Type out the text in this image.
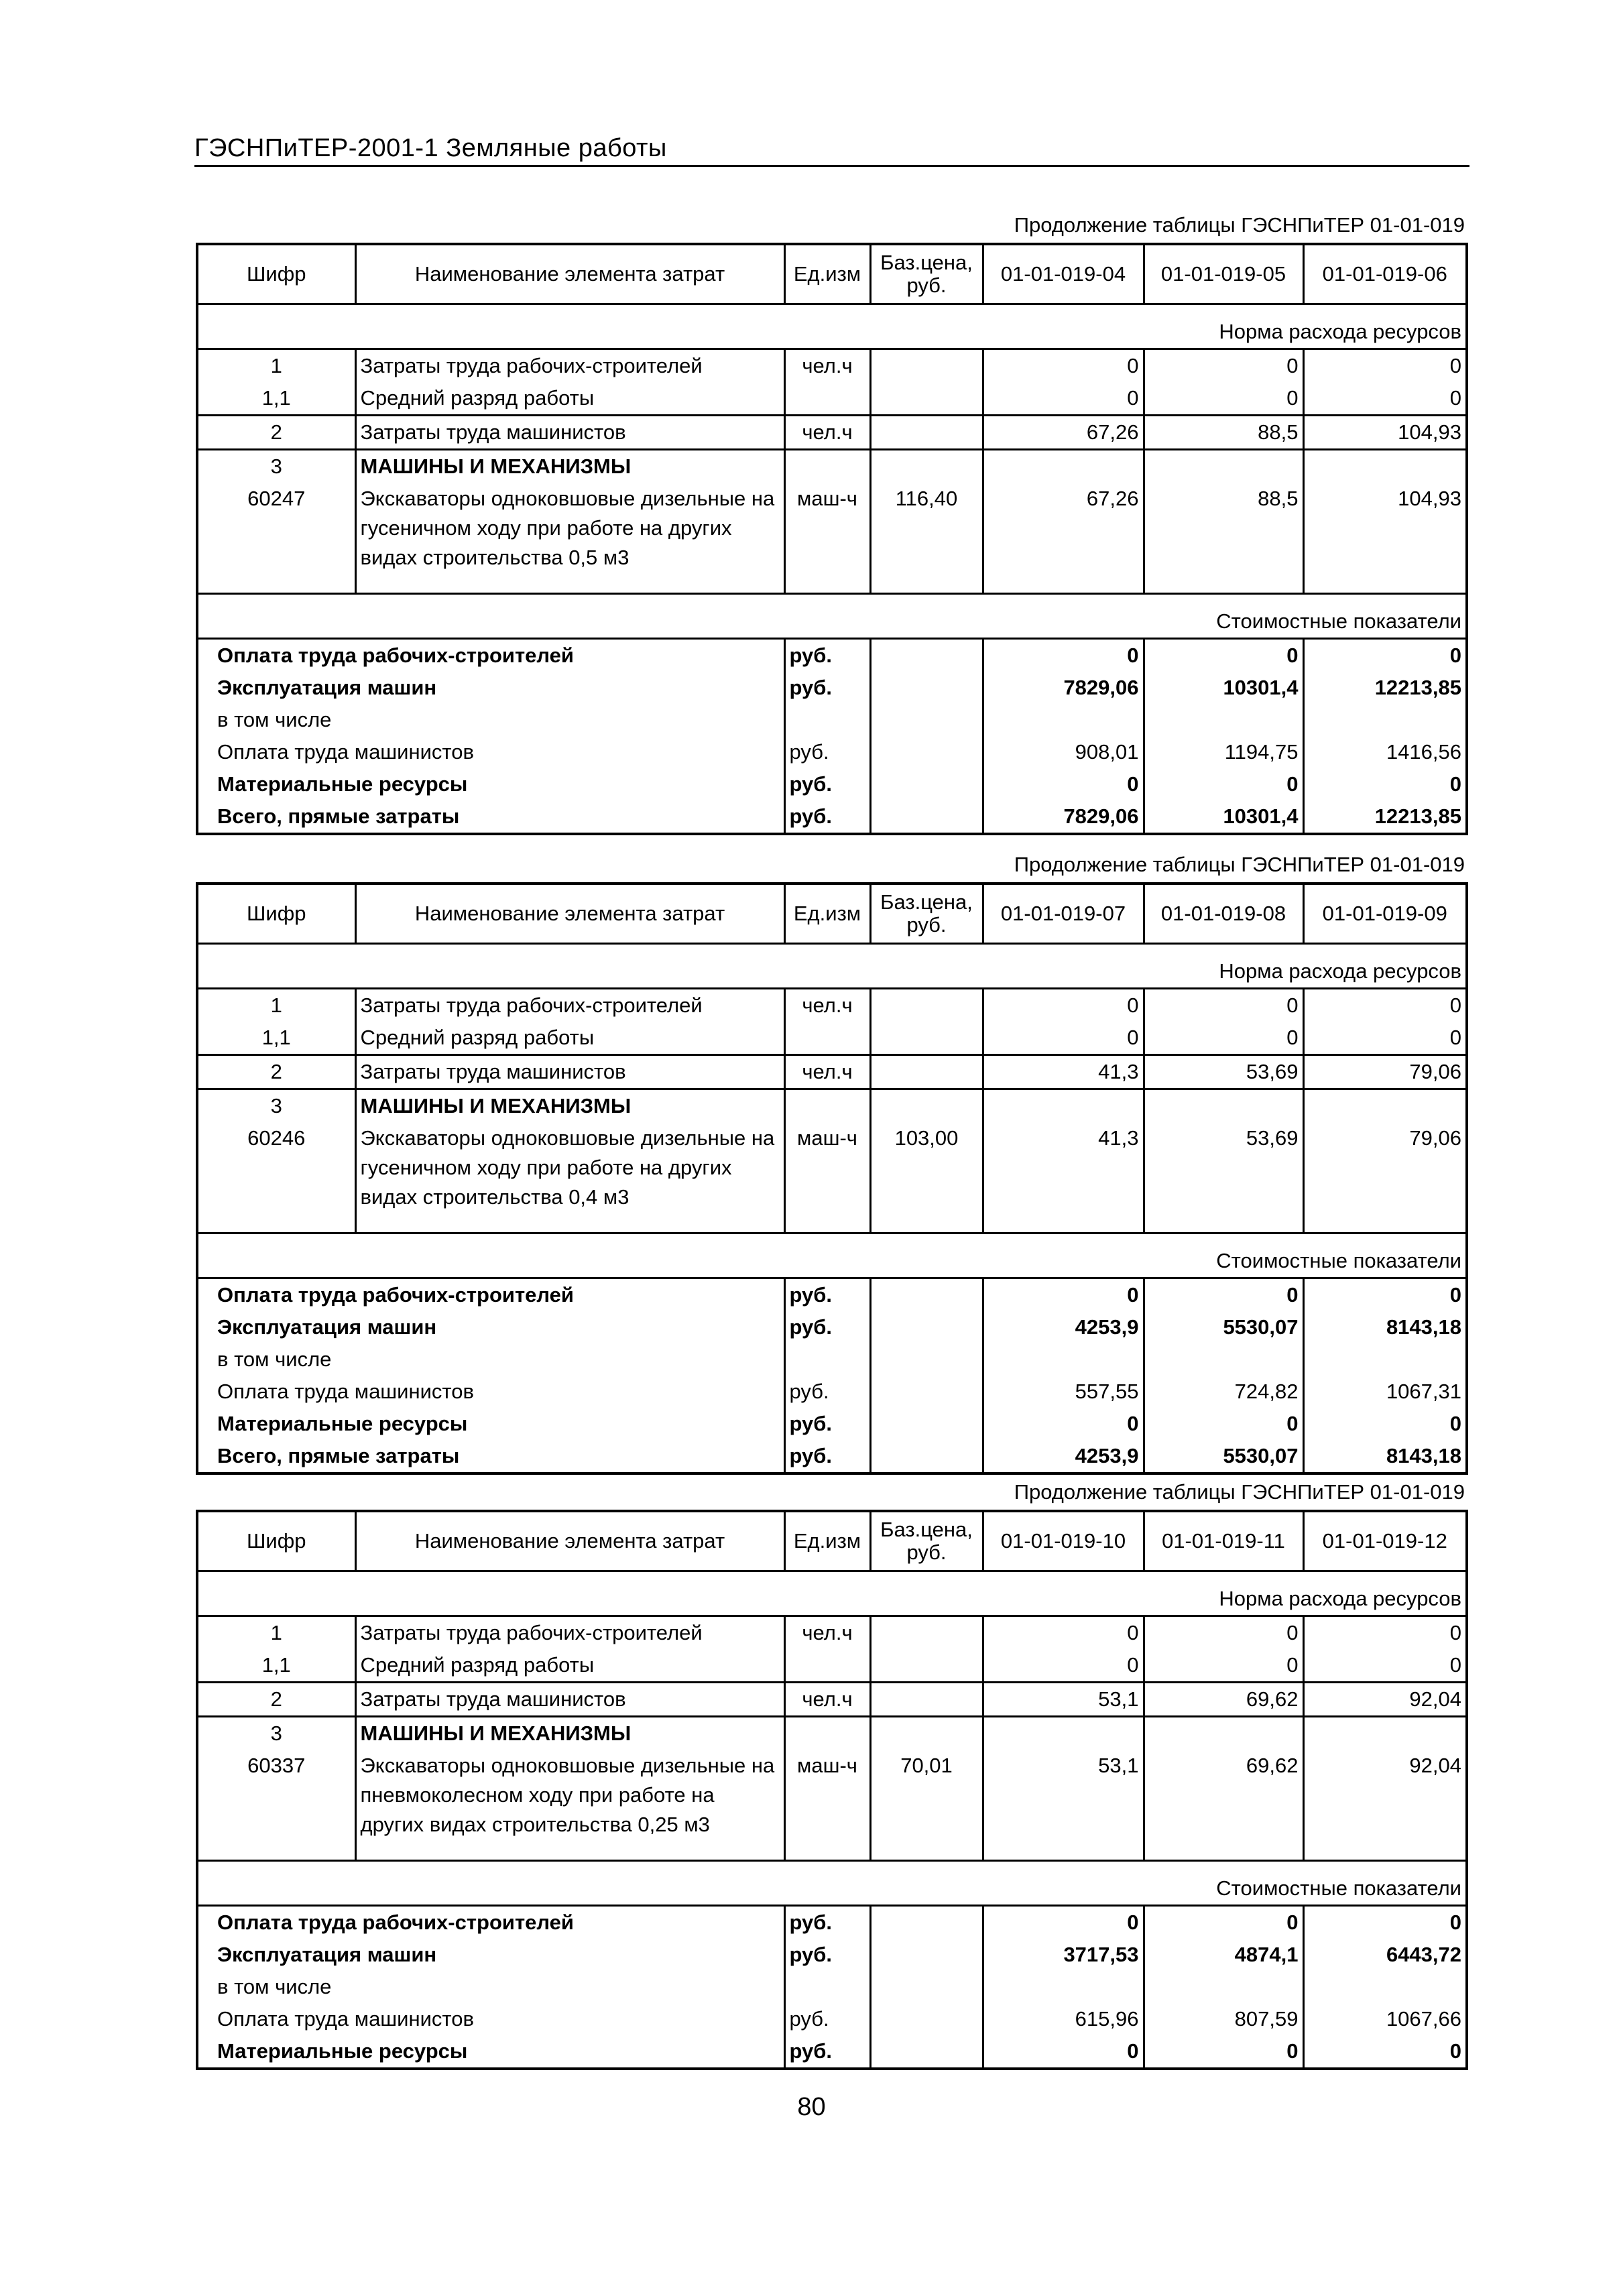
ГЭСНПиТЕР-2001-1 Земляные работы
Продолжение таблицы ГЭСНПиТЕР 01-01-019
Шифр	Наименование элемента затрат	Ед.изм	Баз.цена, руб.	01-01-019-04	01-01-019-05	01-01-019-06
Норма расхода ресурсов						
1	Затраты труда рабочих-строителей	чел.ч		0	0	0
1,1	Средний разряд работы			0	0	0
2	Затраты труда машинистов	чел.ч		67,26	88,5	104,93
3	МАШИНЫ И МЕХАНИЗМЫ					
60247	Экскаваторы одноковшовые дизельные на гусеничном ходу при работе на других видах строительства 0,5 м3	маш-ч	116,40	67,26	88,5	104,93
Стоимостные показатели						
Оплата труда рабочих-строителей		руб.		0	0	0
Эксплуатация машин		руб.		7829,06	10301,4	12213,85
в том числе						
Оплата труда машинистов		руб.		908,01	1194,75	1416,56
Материальные ресурсы		руб.		0	0	0
Всего, прямые затраты		руб.		7829,06	10301,4	12213,85
Продолжение таблицы ГЭСНПиТЕР 01-01-019
Шифр	Наименование элемента затрат	Ед.изм	Баз.цена, руб.	01-01-019-07	01-01-019-08	01-01-019-09
Норма расхода ресурсов						
1	Затраты труда рабочих-строителей	чел.ч		0	0	0
1,1	Средний разряд работы			0	0	0
2	Затраты труда машинистов	чел.ч		41,3	53,69	79,06
3	МАШИНЫ И МЕХАНИЗМЫ					
60246	Экскаваторы одноковшовые дизельные на гусеничном ходу при работе на других видах строительства 0,4 м3	маш-ч	103,00	41,3	53,69	79,06
Стоимостные показатели						
Оплата труда рабочих-строителей		руб.		0	0	0
Эксплуатация машин		руб.		4253,9	5530,07	8143,18
в том числе						
Оплата труда машинистов		руб.		557,55	724,82	1067,31
Материальные ресурсы		руб.		0	0	0
Всего, прямые затраты		руб.		4253,9	5530,07	8143,18
Продолжение таблицы ГЭСНПиТЕР 01-01-019
Шифр	Наименование элемента затрат	Ед.изм	Баз.цена, руб.	01-01-019-10	01-01-019-11	01-01-019-12
Норма расхода ресурсов						
1	Затраты труда рабочих-строителей	чел.ч		0	0	0
1,1	Средний разряд работы			0	0	0
2	Затраты труда машинистов	чел.ч		53,1	69,62	92,04
3	МАШИНЫ И МЕХАНИЗМЫ					
60337	Экскаваторы одноковшовые дизельные на пневмоколесном ходу при работе на других видах строительства 0,25 м3	маш-ч	70,01	53,1	69,62	92,04
Стоимостные показатели						
Оплата труда рабочих-строителей		руб.		0	0	0
Эксплуатация машин		руб.		3717,53	4874,1	6443,72
в том числе						
Оплата труда машинистов		руб.		615,96	807,59	1067,66
Материальные ресурсы		руб.		0	0	0
80
